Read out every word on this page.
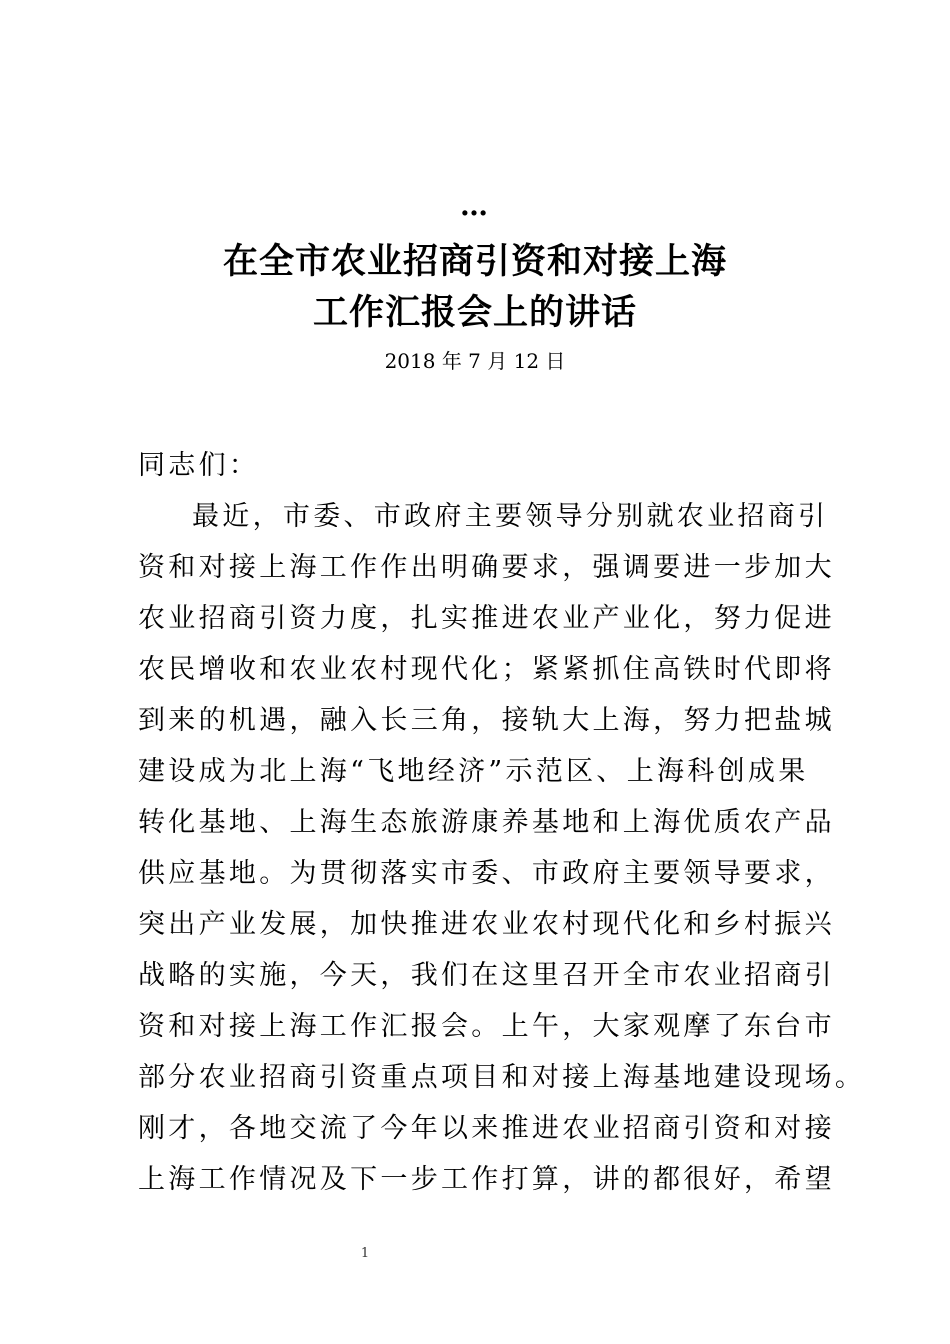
…
在全市农业招商引资和对接上海
工作汇报会上的讲话
2018 年 7 月 12 日
同志们：
最近，市委、市政府主要领导分别就农业招商引
资和对接上海工作作出明确要求，强调要进一步加大
农业招商引资力度，扎实推进农业产业化，努力促进
农民增收和农业农村现代化；紧紧抓住高铁时代即将
到来的机遇，融入长三角，接轨大上海，努力把盐城
建设成为北上海“飞地经济”示范区、上海科创成果
转化基地、上海生态旅游康养基地和上海优质农产品
供应基地。为贯彻落实市委、市政府主要领导要求，
突出产业发展，加快推进农业农村现代化和乡村振兴
战略的实施，今天，我们在这里召开全市农业招商引
资和对接上海工作汇报会。上午，大家观摩了东台市
部分农业招商引资重点项目和对接上海基地建设现场。
刚才，各地交流了今年以来推进农业招商引资和对接
上海工作情况及下一步工作打算，讲的都很好，希望
1
